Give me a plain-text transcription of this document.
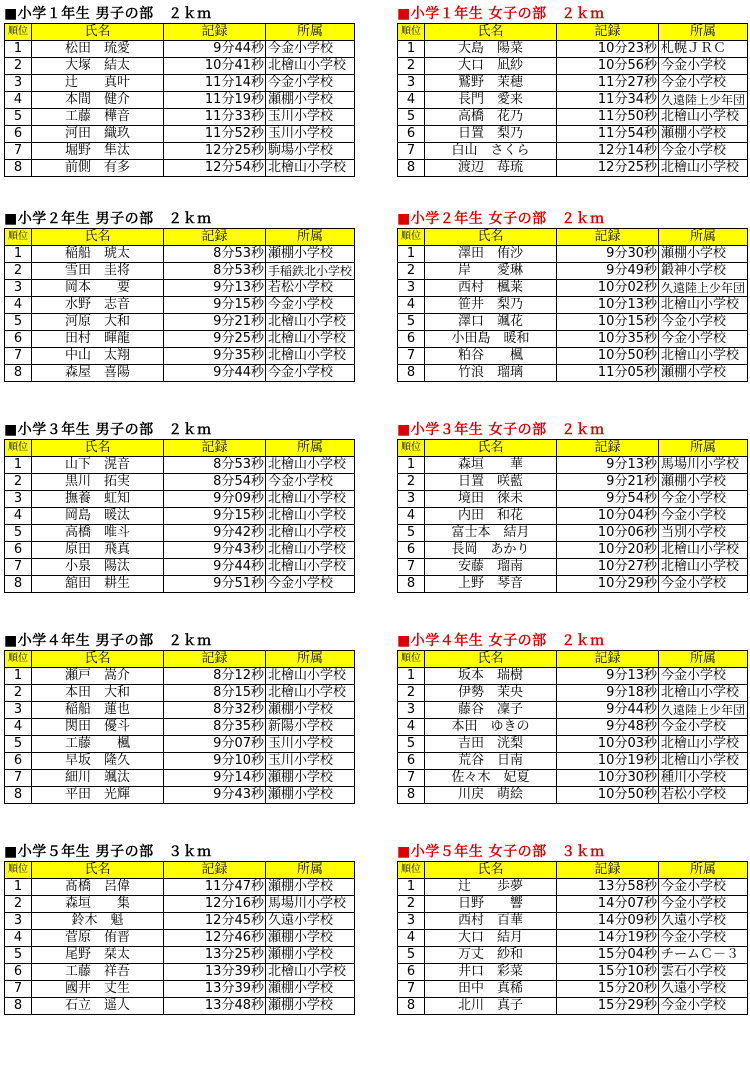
■小学１年生 男子の部　２ｋｍ
順位	氏名	記録	所属
1	松田　琉愛	9分44秒	今金小学校
2	大塚　結太	10分41秒	北檜山小学校
3	辻　　真叶	11分14秒	今金小学校
4	本間　健介	11分19秒	瀬棚小学校
5	工藤　樺音	11分33秒	玉川小学校
6	河田　織玖	11分52秒	玉川小学校
7	堀野　隼汰	12分25秒	駒場小学校
8	前側　有多	12分54秒	北檜山小学校
■小学１年生 女子の部　２ｋｍ
順位	氏名	記録	所属
1	大島　陽菜	10分23秒	札幌ＪＲＣ
2	大口　凪紗	10分56秒	今金小学校
3	鷲野　茉穂	11分27秒	今金小学校
4	長門　愛来	11分34秒	久遠陸上少年団
5	高橋　花乃	11分50秒	北檜山小学校
6	日置　梨乃	11分54秒	瀬棚小学校
7	白山　さくら	12分14秒	今金小学校
8	渡辺　苺琉	12分25秒	北檜山小学校
■小学２年生 男子の部　２ｋｍ
順位	氏名	記録	所属
1	稲船　琥太	8分53秒	瀬棚小学校
2	雪田　圭将	8分53秒	手稲鉄北小学校
3	岡本　　要	9分13秒	若松小学校
4	水野　志音	9分15秒	今金小学校
5	河原　大和	9分21秒	北檜山小学校
6	田村　暉龍	9分25秒	北檜山小学校
7	中山　太翔	9分35秒	北檜山小学校
8	森屋　喜陽	9分44秒	今金小学校
■小学２年生 女子の部　２ｋｍ
順位	氏名	記録	所属
1	澤田　侑沙	9分30秒	瀬棚小学校
2	岸　　愛琳	9分49秒	鍛神小学校
3	西村　楓莱	10分02秒	久遠陸上少年団
4	笹井　梨乃	10分13秒	北檜山小学校
5	澤口　颯花	10分15秒	今金小学校
6	小田島　暖和	10分35秒	今金小学校
7	粕谷　　楓	10分50秒	北檜山小学校
8	竹浪　瑠璃	11分05秒	瀬棚小学校
■小学３年生 男子の部　２ｋｍ
順位	氏名	記録	所属
1	山下　滉音	8分53秒	北檜山小学校
2	黒川　拓実	8分54秒	今金小学校
3	撫養　虹知	9分09秒	北檜山小学校
4	岡島　暖汰	9分15秒	北檜山小学校
5	高橋　唯斗	9分42秒	北檜山小学校
6	原田　飛真	9分43秒	北檜山小学校
7	小泉　陽汰	9分44秒	北檜山小学校
8	舘田　耕生	9分51秒	今金小学校
■小学３年生 女子の部　２ｋｍ
順位	氏名	記録	所属
1	森垣　　華	9分13秒	馬場川小学校
2	日置　咲藍	9分21秒	瀬棚小学校
3	境田　徠未	9分54秒	今金小学校
4	内田　和花	10分04秒	今金小学校
5	富士本　結月	10分06秒	当別小学校
6	長岡　あかり	10分20秒	北檜山小学校
7	安藤　瑠南	10分27秒	北檜山小学校
8	上野　琴音	10分29秒	今金小学校
■小学４年生 男子の部　２ｋｍ
順位	氏名	記録	所属
1	瀬戸　嵩介	8分12秒	北檜山小学校
2	本田　大和	8分15秒	北檜山小学校
3	稲船　蓮也	8分32秒	瀬棚小学校
4	関田　優斗	8分35秒	新陽小学校
5	工藤　　楓	9分07秒	玉川小学校
6	早坂　隆久	9分10秒	玉川小学校
7	細川　颯汰	9分14秒	瀬棚小学校
8	平田　光輝	9分43秒	瀬棚小学校
■小学４年生 女子の部　２ｋｍ
順位	氏名	記録	所属
1	坂本　瑞樹	9分13秒	今金小学校
2	伊勢　茉央	9分18秒	北檜山小学校
3	藤谷　凜子	9分44秒	久遠陸上少年団
4	本田　ゆきの	9分48秒	今金小学校
5	吉田　洸梨	10分03秒	北檜山小学校
6	荒谷　日南	10分19秒	北檜山小学校
7	佐々木　妃夏	10分30秒	種川小学校
8	川戻　萌絵	10分50秒	若松小学校
■小学５年生 男子の部　３ｋｍ
順位	氏名	記録	所属
1	髙橋　呂偉	11分47秒	瀬棚小学校
2	森垣　　集	12分16秒	馬場川小学校
3	鈴木　魁	12分45秒	久遠小学校
4	菅原　侑晋	12分46秒	瀬棚小学校
5	尾野　栞太	13分25秒	瀬棚小学校
6	工藤　祥吾	13分39秒	北檜山小学校
7	國井　丈生	13分39秒	瀬棚小学校
8	石立　遥人	13分48秒	瀬棚小学校
■小学５年生 女子の部　３ｋｍ
順位	氏名	記録	所属
1	辻　　歩夢	13分58秒	今金小学校
2	日野　　響	14分07秒	今金小学校
3	西村　百華	14分09秒	久遠小学校
4	大口　結月	14分19秒	今金小学校
5	万丈　紗和	15分04秒	チームＣ－３
6	井口　彩菜	15分10秒	雲石小学校
7	田中　真稀	15分20秒	久遠小学校
8	北川　真子	15分29秒	今金小学校
